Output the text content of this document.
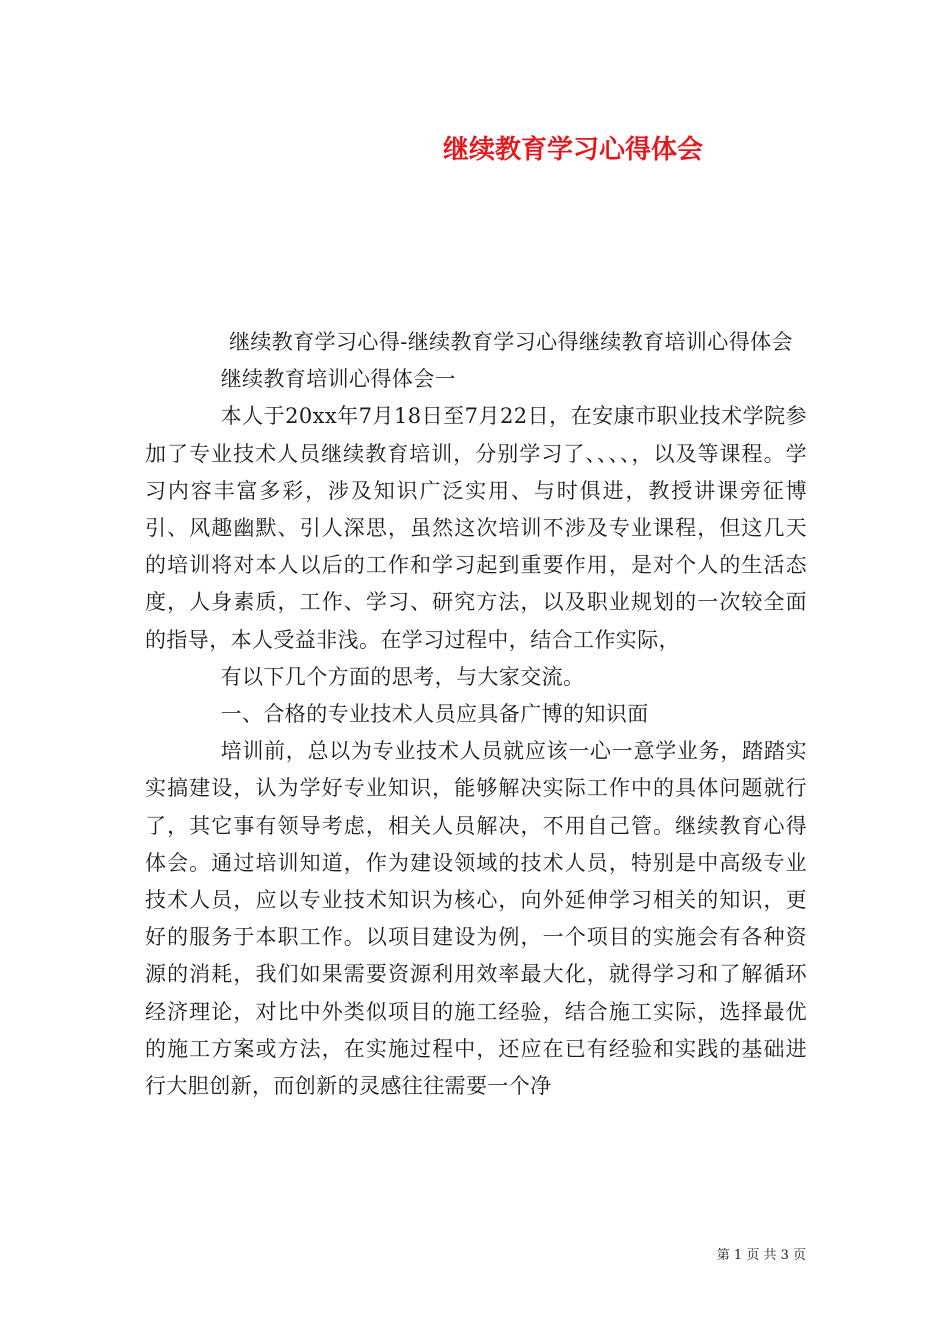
继续教育学习心得体会

继续教育学习心得-继续教育学习心得继续教育培训心得体会

继续教育培训心得体会一

本人于20xx年7月18日至7月22日，在安康市职业技术学院参加了专业技术人员继续教育培训，分别学习了、、、、，以及等课程。学习内容丰富多彩，涉及知识广泛实用、与时俱进，教授讲课旁征博引、风趣幽默、引人深思，虽然这次培训不涉及专业课程，但这几天的培训将对本人以后的工作和学习起到重要作用，是对个人的生活态度，人身素质，工作、学习、研究方法，以及职业规划的一次较全面的指导，本人受益非浅。在学习过程中，结合工作实际，

有以下几个方面的思考，与大家交流。

一、合格的专业技术人员应具备广博的知识面

培训前，总以为专业技术人员就应该一心一意学业务，踏踏实实搞建设，认为学好专业知识，能够解决实际工作中的具体问题就行了，其它事有领导考虑，相关人员解决，不用自己管。继续教育心得体会。通过培训知道，作为建设领域的技术人员，特别是中高级专业技术人员，应以专业技术知识为核心，向外延伸学习相关的知识，更好的服务于本职工作。以项目建设为例，一个项目的实施会有各种资源的消耗，我们如果需要资源利用效率最大化，就得学习和了解循环经济理论，对比中外类似项目的施工经验，结合施工实际，选择最优的施工方案或方法，在实施过程中，还应在已有经验和实践的基础进行大胆创新，而创新的灵感往往需要一个净

第 1 页 共 3 页
